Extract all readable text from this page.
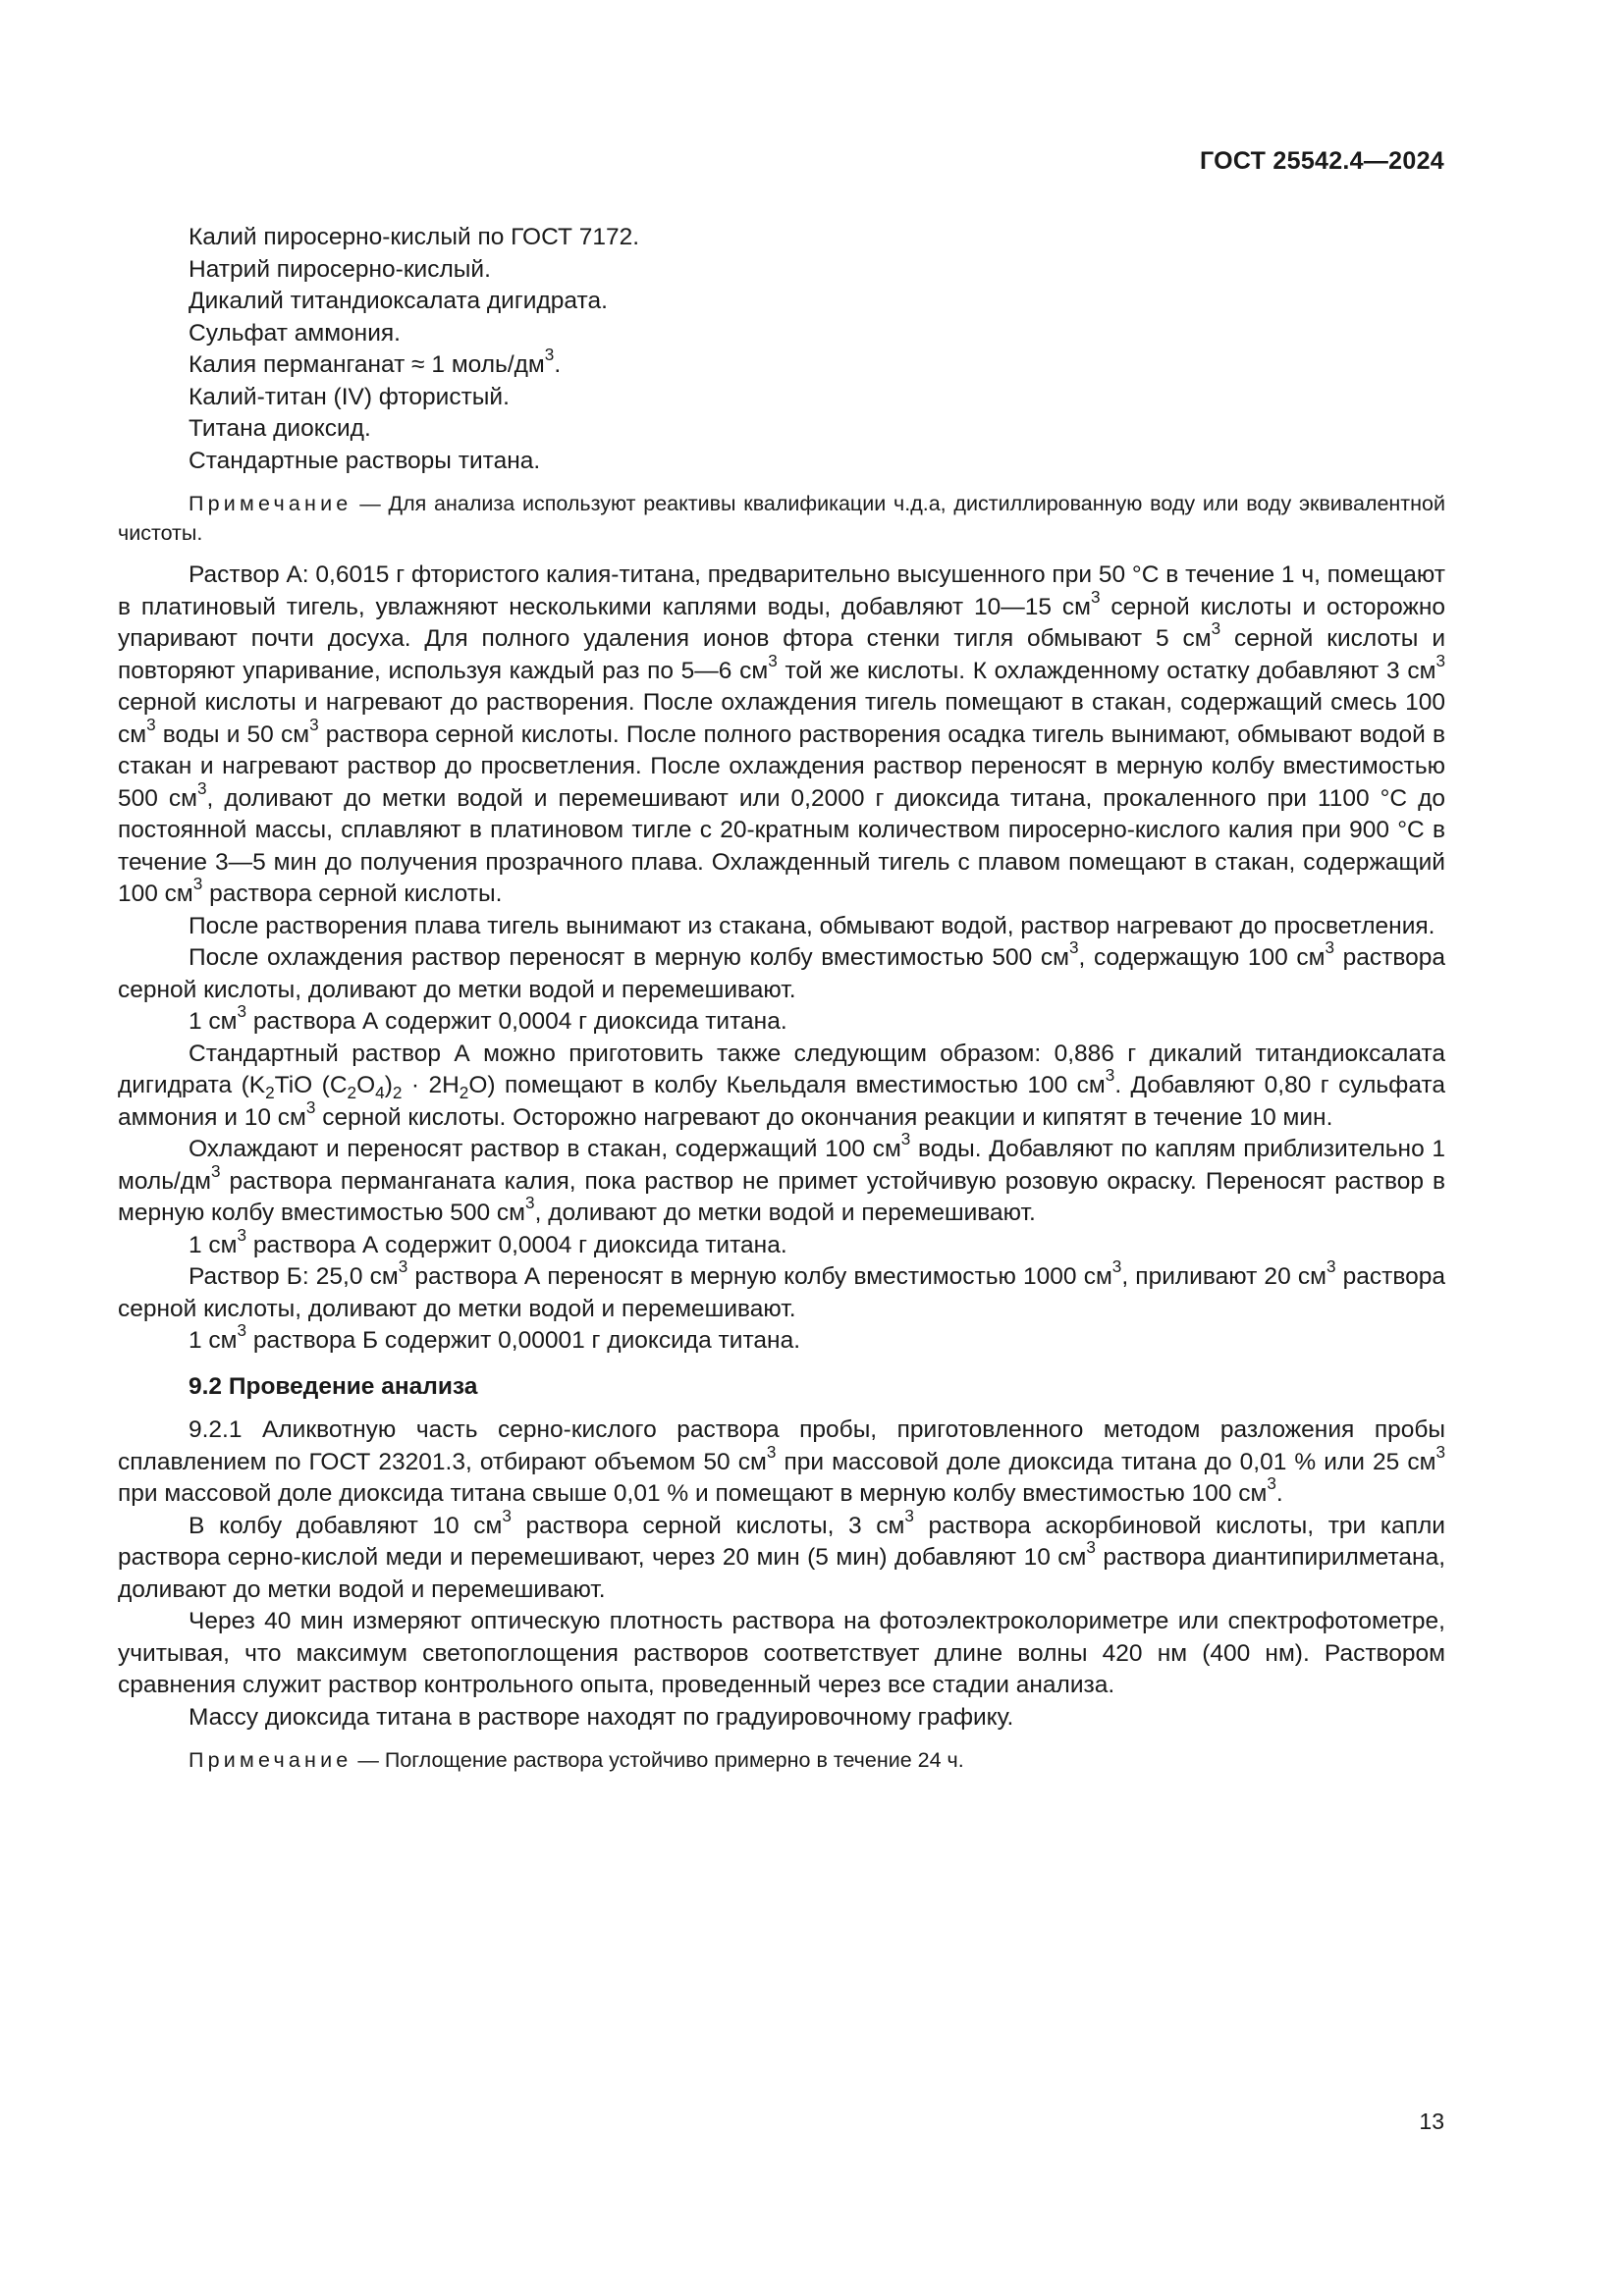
ГОСТ 25542.4—2024

Калий пиросерно-кислый по ГОСТ 7172.

Натрий пиросерно-кислый.

Дикалий титандиоксалата дигидрата.

Сульфат аммония.

Калия перманганат ≈ 1 моль/$дм^3$.

Калий-титан (IV) фтористый.

Титана диоксид.

Стандартные растворы титана.

Примечание — Для анализа используют реактивы квалификации ч.д.а, дистиллированную воду или воду эквивалентной чистоты.

Раствор А: 0,6015 г фтористого калия-титана, предварительно высушенного при 50 °С в течение 1 ч, помещают в платиновый тигель, увлажняют несколькими каплями воды, добавляют 10—15 $см^3$ серной кислоты и осторожно упаривают почти досуха. Для полного удаления ионов фтора стенки тигля обмывают 5 $см^3$ серной кислоты и повторяют упаривание, используя каждый раз по 5—6 $см^3$ той же кислоты. К охлажденному остатку добавляют 3 $см^3$ серной кислоты и нагревают до растворения. После охлаждения тигель помещают в стакан, содержащий смесь 100 $см^3$ воды и 50 $см^3$ раствора серной кислоты. После полного растворения осадка тигель вынимают, обмывают водой в стакан и нагревают раствор до просветления. После охлаждения раствор переносят в мерную колбу вместимостью 500 $см^3$, доливают до метки водой и перемешивают или 0,2000 г диоксида титана, прокаленного при 1100 °С до постоянной массы, сплавляют в платиновом тигле с 20-кратным количеством пиросерно-кислого калия при 900 °С в течение 3—5 мин до получения прозрачного плава. Охлажденный тигель с плавом помещают в стакан, содержащий 100 $см^3$ раствора серной кислоты.

После растворения плава тигель вынимают из стакана, обмывают водой, раствор нагревают до просветления.

После охлаждения раствор переносят в мерную колбу вместимостью 500 $см^3$, содержащую 100 $см^3$ раствора серной кислоты, доливают до метки водой и перемешивают.

1 $см^3$ раствора А содержит 0,0004 г диоксида титана.

Стандартный раствор А можно приготовить также следующим образом: 0,886 г дикалий титандиоксалата дигидрата ($K_2TiO$ $(C_2O_4)_2 \cdot 2H_2O$) помещают в колбу Кьельдаля вместимостью 100 $см^3$. Добавляют 0,80 г сульфата аммония и 10 $см^3$ серной кислоты. Осторожно нагревают до окончания реакции и кипятят в течение 10 мин.

Охлаждают и переносят раствор в стакан, содержащий 100 $см^3$ воды. Добавляют по каплям приблизительно 1 моль/$дм^3$ раствора перманганата калия, пока раствор не примет устойчивую розовую окраску. Переносят раствор в мерную колбу вместимостью 500 $см^3$, доливают до метки водой и перемешивают.

1 $см^3$ раствора А содержит 0,0004 г диоксида титана.

Раствор Б: 25,0 $см^3$ раствора А переносят в мерную колбу вместимостью 1000 $см^3$, приливают 20 $см^3$ раствора серной кислоты, доливают до метки водой и перемешивают.

1 $см^3$ раствора Б содержит 0,00001 г диоксида титана.

9.2 Проведение анализа

9.2.1 Аликвотную часть серно-кислого раствора пробы, приготовленного методом разложения пробы сплавлением по ГОСТ 23201.3, отбирают объемом 50 $см^3$ при массовой доле диоксида титана до 0,01 % или 25 $см^3$ при массовой доле диоксида титана свыше 0,01 % и помещают в мерную колбу вместимостью 100 $см^3$.

В колбу добавляют 10 $см^3$ раствора серной кислоты, 3 $см^3$ раствора аскорбиновой кислоты, три капли раствора серно-кислой меди и перемешивают, через 20 мин (5 мин) добавляют 10 $см^3$ раствора диантипирилметана, доливают до метки водой и перемешивают.

Через 40 мин измеряют оптическую плотность раствора на фотоэлектроколориметре или спектрофотометре, учитывая, что максимум светопоглощения растворов соответствует длине волны 420 нм (400 нм). Раствором сравнения служит раствор контрольного опыта, проведенный через все стадии анализа.

Массу диоксида титана в растворе находят по градуировочному графику.

Примечание — Поглощение раствора устойчиво примерно в течение 24 ч.

13
